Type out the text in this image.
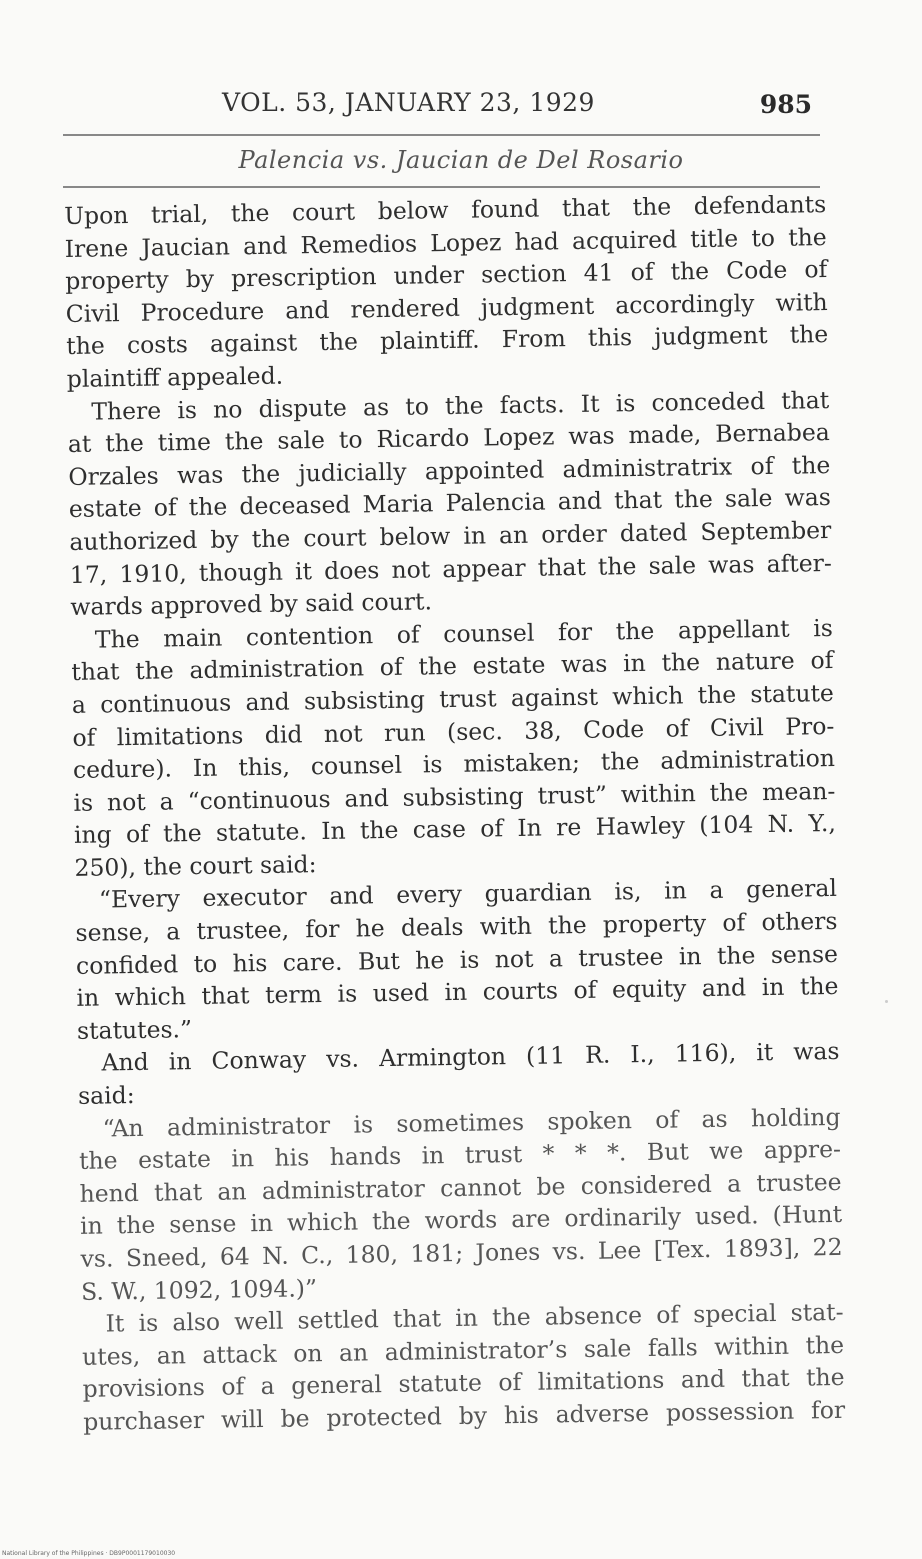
VOL. 53, JANUARY 23, 1929	985
Palencia vs. Jaucian de Del Rosario
Upon trial, the court below found that the defendants
Irene Jaucian and Remedios Lopez had acquired title to the
property by prescription under section 41 of the Code of
Civil Procedure and rendered judgment accordingly with
the costs against the plaintiff. From this judgment the
plaintiff appealed.
There is no dispute as to the facts. It is conceded that
at the time the sale to Ricardo Lopez was made, Bernabea
Orzales was the judicially appointed administratrix of the
estate of the deceased Maria Palencia and that the sale was
authorized by the court below in an order dated September
17, 1910, though it does not appear that the sale was after-
wards approved by said court.
The main contention of counsel for the appellant is
that the administration of the estate was in the nature of
a continuous and subsisting trust against which the statute
of limitations did not run (sec. 38, Code of Civil Pro-
cedure). In this, counsel is mistaken; the administration
is not a “continuous and subsisting trust” within the mean-
ing of the statute. In the case of In re Hawley (104 N. Y.,
250), the court said:
“Every executor and every guardian is, in a general
sense, a trustee, for he deals with the property of others
confided to his care. But he is not a trustee in the sense
in which that term is used in courts of equity and in the
statutes.”
And in Conway vs. Armington (11 R. I., 116), it was
said:
“An administrator is sometimes spoken of as holding
the estate in his hands in trust * * *. But we appre-
hend that an administrator cannot be considered a trustee
in the sense in which the words are ordinarily used. (Hunt
vs. Sneed, 64 N. C., 180, 181; Jones vs. Lee [Tex. 1893], 22
S. W., 1092, 1094.)”
It is also well settled that in the absence of special stat-
utes, an attack on an administrator’s sale falls within the
provisions of a general statute of limitations and that the
purchaser will be protected by his adverse possession for
National Library of the Philippines · DB9P0001179010030
